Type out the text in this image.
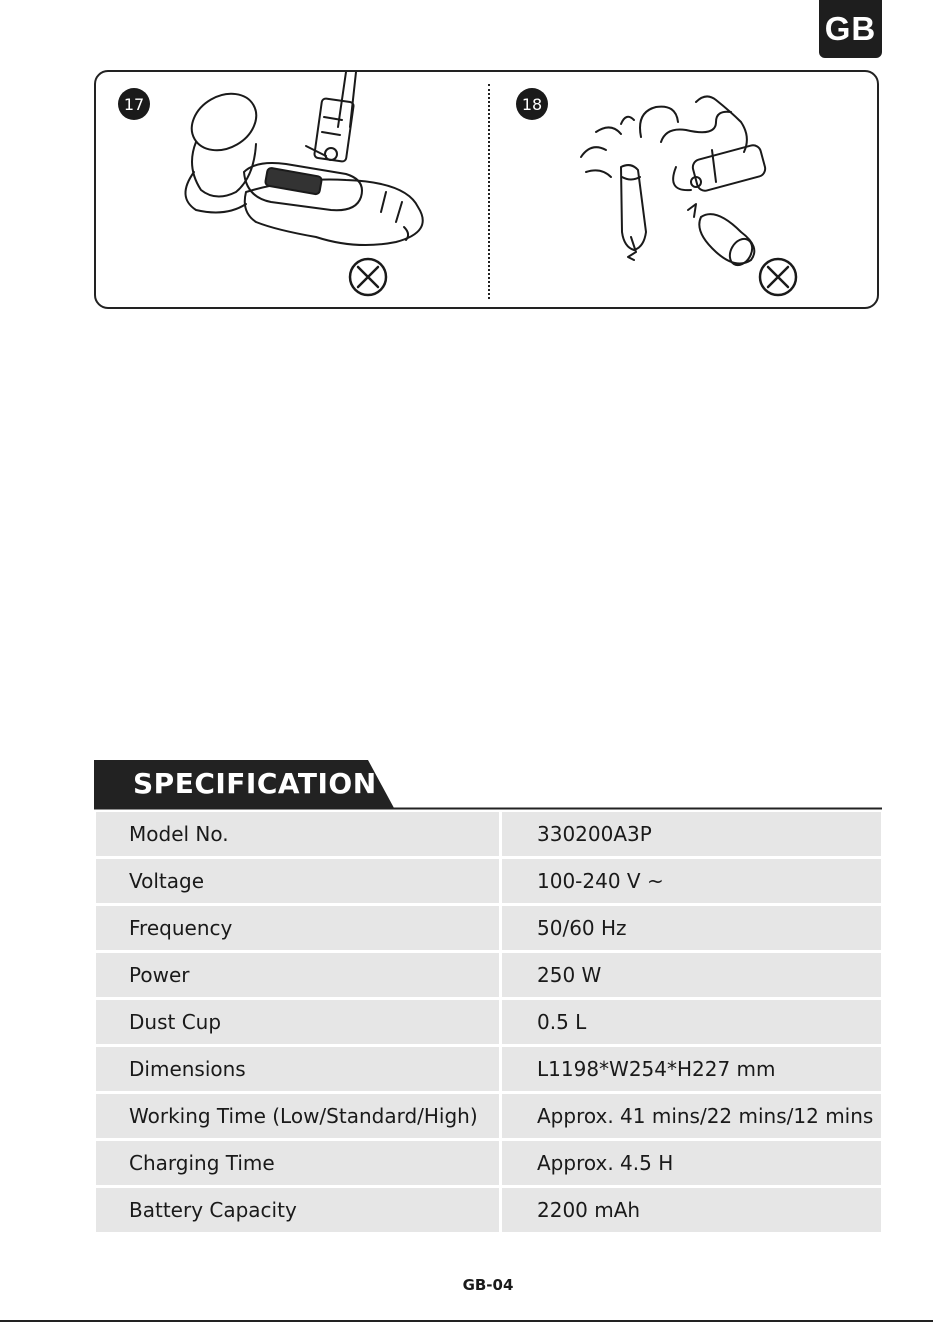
GB
17	18
SPECIFICATION
Model No.	330200A3P
Voltage	100-240 V ~
Frequency	50/60 Hz
Power	250 W
Dust Cup	0.5 L
Dimensions	L1198*W254*H227 mm
Working Time (Low/Standard/High)	Approx. 41 mins/22 mins/12 mins
Charging Time	Approx. 4.5 H
Battery Capacity	2200 mAh
GB-04
